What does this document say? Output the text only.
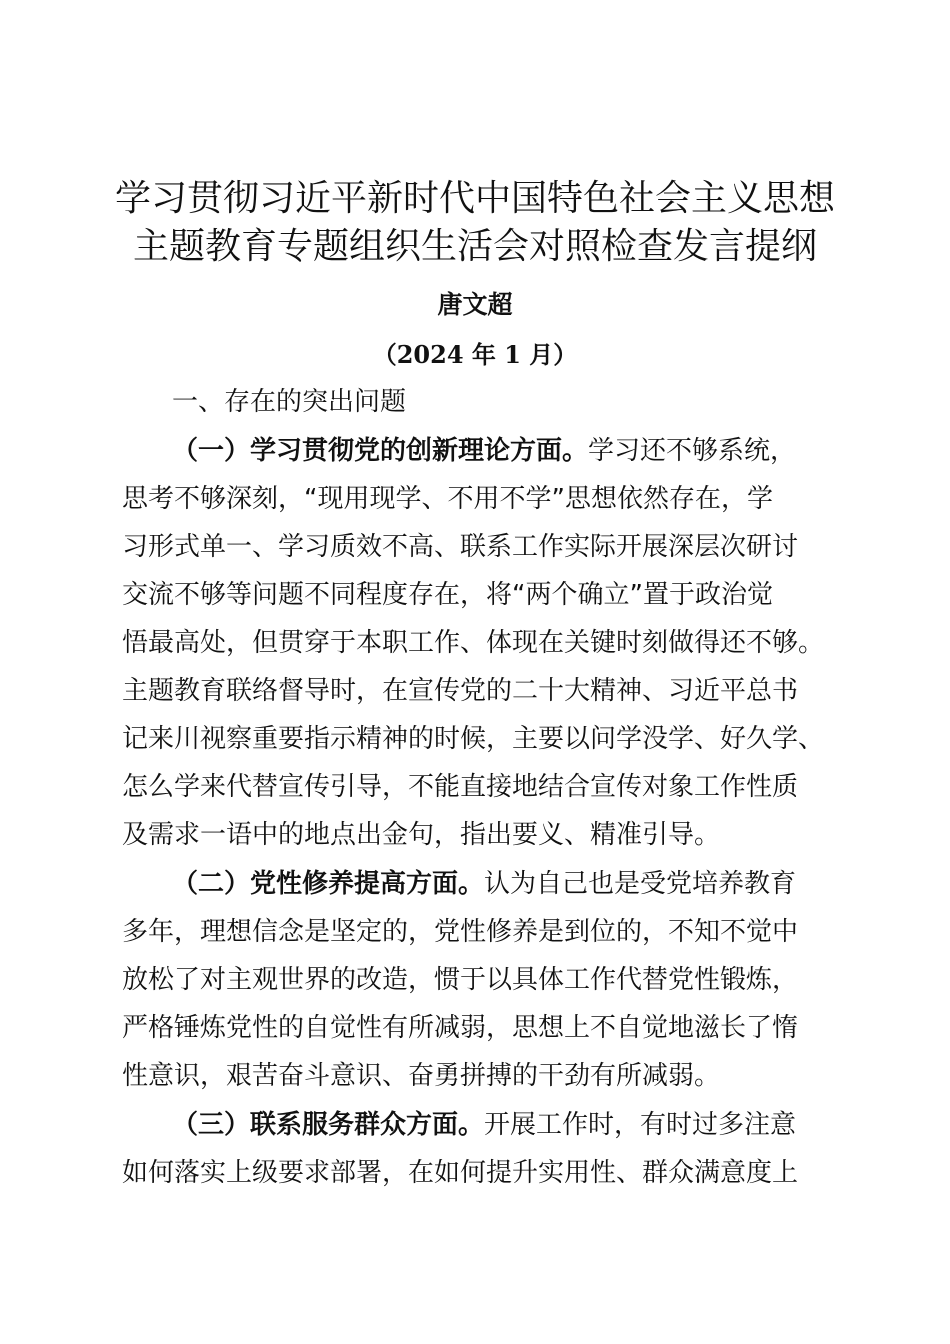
学习贯彻习近平新时代中国特色社会主义思想
主题教育专题组织生活会对照检查发言提纲

唐文超

（2024 年 1 月）

一、存在的突出问题

（一）学习贯彻党的创新理论方面。学习还不够系统，

思考不够深刻，“现用现学、不用不学”思想依然存在，学

习形式单一、学习质效不高、联系工作实际开展深层次研讨

交流不够等问题不同程度存在，将“两个确立”置于政治觉

悟最高处，但贯穿于本职工作、体现在关键时刻做得还不够。

主题教育联络督导时，在宣传党的二十大精神、习近平总书

记来川视察重要指示精神的时候，主要以问学没学、好久学、

怎么学来代替宣传引导，不能直接地结合宣传对象工作性质

及需求一语中的地点出金句，指出要义、精准引导。

（二）党性修养提高方面。认为自己也是受党培养教育

多年，理想信念是坚定的，党性修养是到位的，不知不觉中

放松了对主观世界的改造，惯于以具体工作代替党性锻炼，

严格锤炼党性的自觉性有所减弱，思想上不自觉地滋长了惰

性意识，艰苦奋斗意识、奋勇拼搏的干劲有所减弱。

（三）联系服务群众方面。开展工作时，有时过多注意

如何落实上级要求部署，在如何提升实用性、群众满意度上
